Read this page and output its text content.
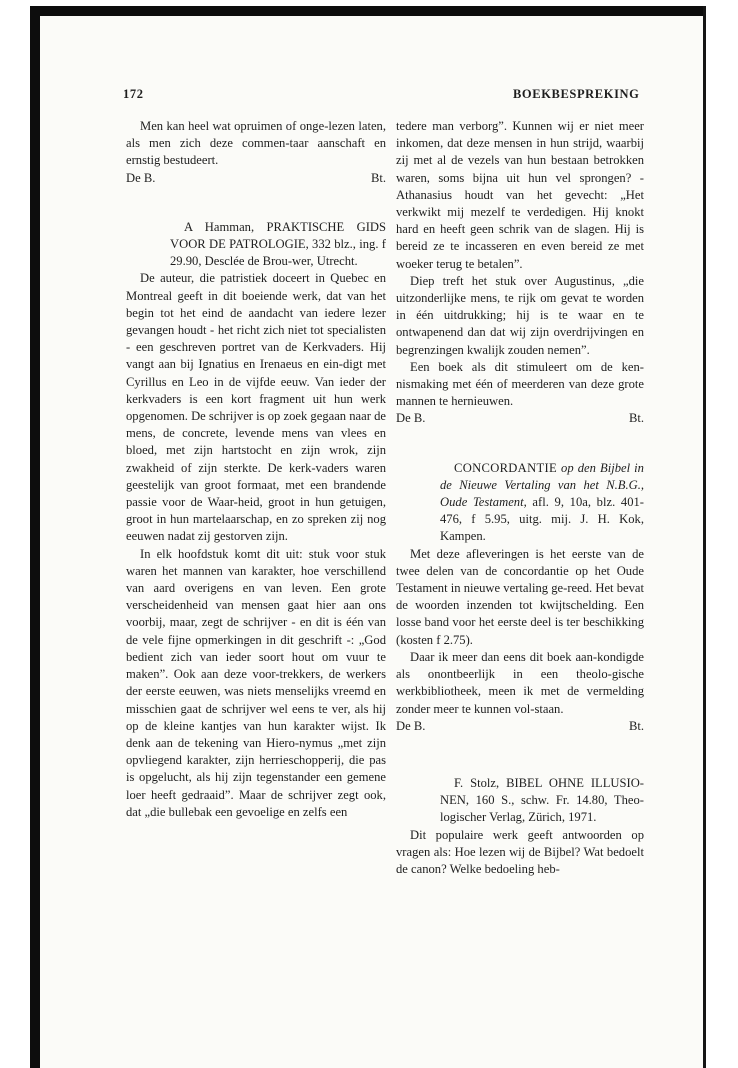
172	BOEKBESPREKING

Men kan heel wat opruimen of onge-lezen laten, als men zich deze commen-taar aanschaft en ernstig bestudeert.

De B.	Bt.

A Hamman, PRAKTISCHE GIDS VOOR DE PATROLOGIE, 332 blz., ing. f 29.90, Desclée de Brou-wer, Utrecht.

De auteur, die patristiek doceert in Quebec en Montreal geeft in dit boeiende werk, dat van het begin tot het eind de aandacht van iedere lezer gevangen houdt - het richt zich niet tot specialisten - een geschreven portret van de Kerkvaders. Hij vangt aan bij Ignatius en Irenaeus en ein-digt met Cyrillus en Leo in de vijfde eeuw. Van ieder der kerkvaders is een kort fragment uit hun werk opgenomen. De schrijver is op zoek gegaan naar de mens, de concrete, levende mens van vlees en bloed, met zijn hartstocht en zijn wrok, zijn zwakheid of zijn sterkte. De kerk-vaders waren geestelijk van groot formaat, met een brandende passie voor de Waar-heid, groot in hun getuigen, groot in hun martelaarschap, en zo spreken zij nog eeuwen nadat zij gestorven zijn.

In elk hoofdstuk komt dit uit: stuk voor stuk waren het mannen van karakter, hoe verschillend van aard overigens en van leven. Een grote verscheidenheid van mensen gaat hier aan ons voorbij, maar, zegt de schrijver - en dit is één van de vele fijne opmerkingen in dit geschrift -: „God bedient zich van ieder soort hout om vuur te maken”. Ook aan deze voor-trekkers, de werkers der eerste eeuwen, was niets menselijks vreemd en misschien gaat de schrijver wel eens te ver, als hij op de kleine kantjes van hun karakter wijst. Ik denk aan de tekening van Hiero-nymus „met zijn opvliegend karakter, zijn herrieschopperij, die pas is opgelucht, als hij zijn tegenstander een gemene loer heeft gedraaid”. Maar de schrijver zegt ook, dat „die bullebak een gevoelige en zelfs een

tedere man verborg”. Kunnen wij er niet meer inkomen, dat deze mensen in hun strijd, waarbij zij met al de vezels van hun bestaan betrokken waren, soms bijna uit hun vel sprongen? - Athanasius houdt van het gevecht: „Het verkwikt mij mezelf te verdedigen. Hij knokt hard en heeft geen schrik van de slagen. Hij is bereid ze te incasseren en even bereid ze met woeker terug te betalen”.

Diep treft het stuk over Augustinus, „die uitzonderlijke mens, te rijk om gevat te worden in één uitdrukking; hij is te waar en te ontwapenend dan dat wij zijn overdrijvingen en begrenzingen kwalijk zouden nemen”.

Een boek als dit stimuleert om de ken-nismaking met één of meerderen van deze grote mannen te hernieuwen.

De B.	Bt.

CONCORDANTIE op den Bijbel in de Nieuwe Vertaling van het N.B.G., Oude Testament, afl. 9, 10a, blz. 401-476, f 5.95, uitg. mij. J. H. Kok, Kampen.

Met deze afleveringen is het eerste van de twee delen van de concordantie op het Oude Testament in nieuwe vertaling ge-reed. Het bevat de woorden inzenden tot kwijtschelding. Een losse band voor het eerste deel is ter beschikking (kosten f 2.75).

Daar ik meer dan eens dit boek aan-kondigde als onontbeerlijk in een theolo-gische werkbibliotheek, meen ik met de vermelding zonder meer te kunnen vol-staan.

De B.	Bt.

F. Stolz, BIBEL OHNE ILLUSIO-NEN, 160 S., schw. Fr. 14.80, Theo-logischer Verlag, Zürich, 1971.

Dit populaire werk geeft antwoorden op vragen als: Hoe lezen wij de Bijbel? Wat bedoelt de canon? Welke bedoeling heb-
